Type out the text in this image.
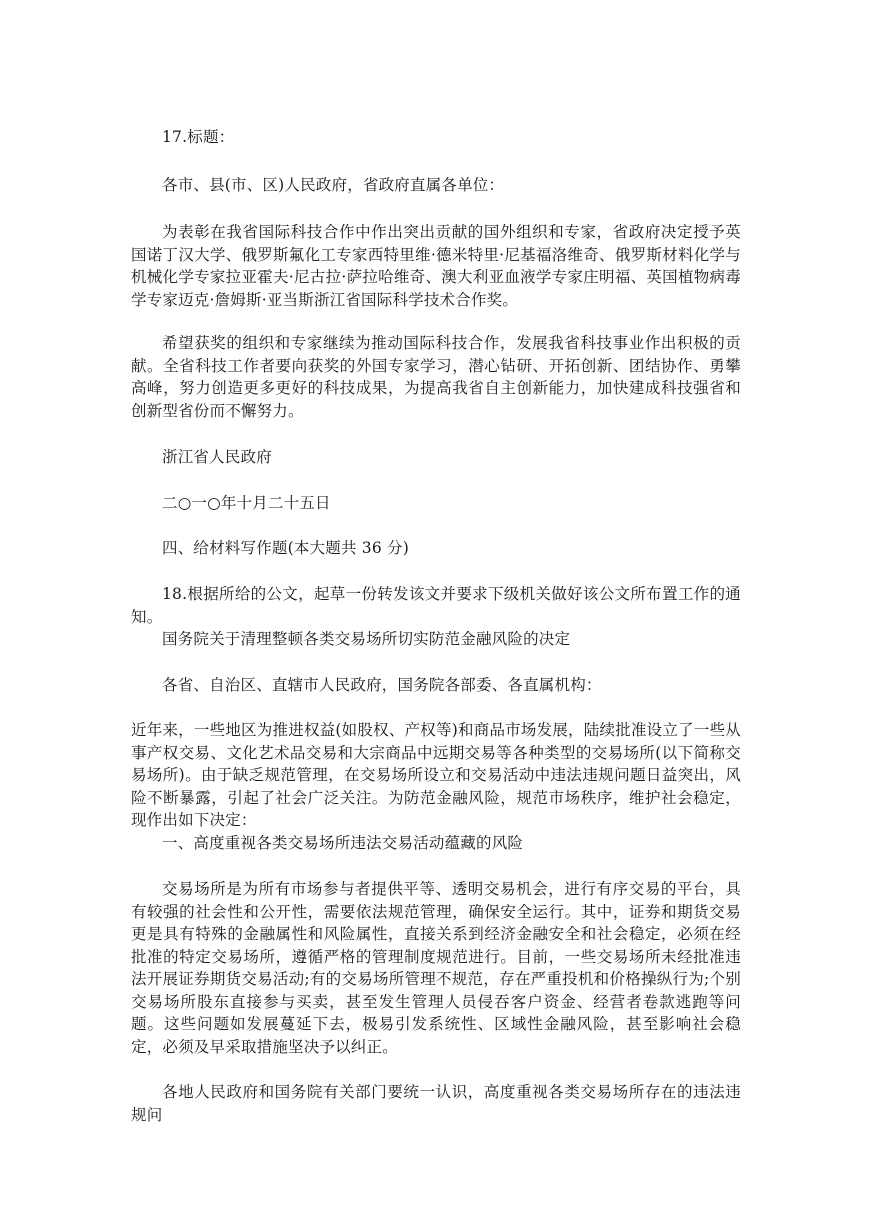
17.标题：

各市、县(市、区)人民政府，省政府直属各单位：

为表彰在我省国际科技合作中作出突出贡献的国外组织和专家，省政府决定授予英国诺丁汉大学、俄罗斯氟化工专家西特里维·德米特里·尼基福洛维奇、俄罗斯材料化学与机械化学专家拉亚霍夫·尼古拉·萨拉哈维奇、澳大利亚血液学专家庄明福、英国植物病毒学专家迈克·詹姆斯·亚当斯浙江省国际科学技术合作奖。

希望获奖的组织和专家继续为推动国际科技合作，发展我省科技事业作出积极的贡献。全省科技工作者要向获奖的外国专家学习，潜心钻研、开拓创新、团结协作、勇攀高峰，努力创造更多更好的科技成果，为提高我省自主创新能力，加快建成科技强省和创新型省份而不懈努力。

浙江省人民政府

二○一○年十月二十五日

四、给材料写作题(本大题共 36 分)

18.根据所给的公文，起草一份转发该文并要求下级机关做好该公文所布置工作的通知。

国务院关于清理整顿各类交易场所切实防范金融风险的决定

各省、自治区、直辖市人民政府，国务院各部委、各直属机构：

近年来，一些地区为推进权益(如股权、产权等)和商品市场发展，陆续批准设立了一些从事产权交易、文化艺术品交易和大宗商品中远期交易等各种类型的交易场所(以下简称交易场所)。由于缺乏规范管理，在交易场所设立和交易活动中违法违规问题日益突出，风险不断暴露，引起了社会广泛关注。为防范金融风险，规范市场秩序，维护社会稳定，现作出如下决定：

一、高度重视各类交易场所违法交易活动蕴藏的风险

交易场所是为所有市场参与者提供平等、透明交易机会，进行有序交易的平台，具有较强的社会性和公开性，需要依法规范管理，确保安全运行。其中，证券和期货交易更是具有特殊的金融属性和风险属性，直接关系到经济金融安全和社会稳定，必须在经批准的特定交易场所，遵循严格的管理制度规范进行。目前，一些交易场所未经批准违法开展证券期货交易活动;有的交易场所管理不规范，存在严重投机和价格操纵行为;个别交易场所股东直接参与买卖，甚至发生管理人员侵吞客户资金、经营者卷款逃跑等问题。这些问题如发展蔓延下去，极易引发系统性、区域性金融风险，甚至影响社会稳定，必须及早采取措施坚决予以纠正。

各地人民政府和国务院有关部门要统一认识，高度重视各类交易场所存在的违法违规问
